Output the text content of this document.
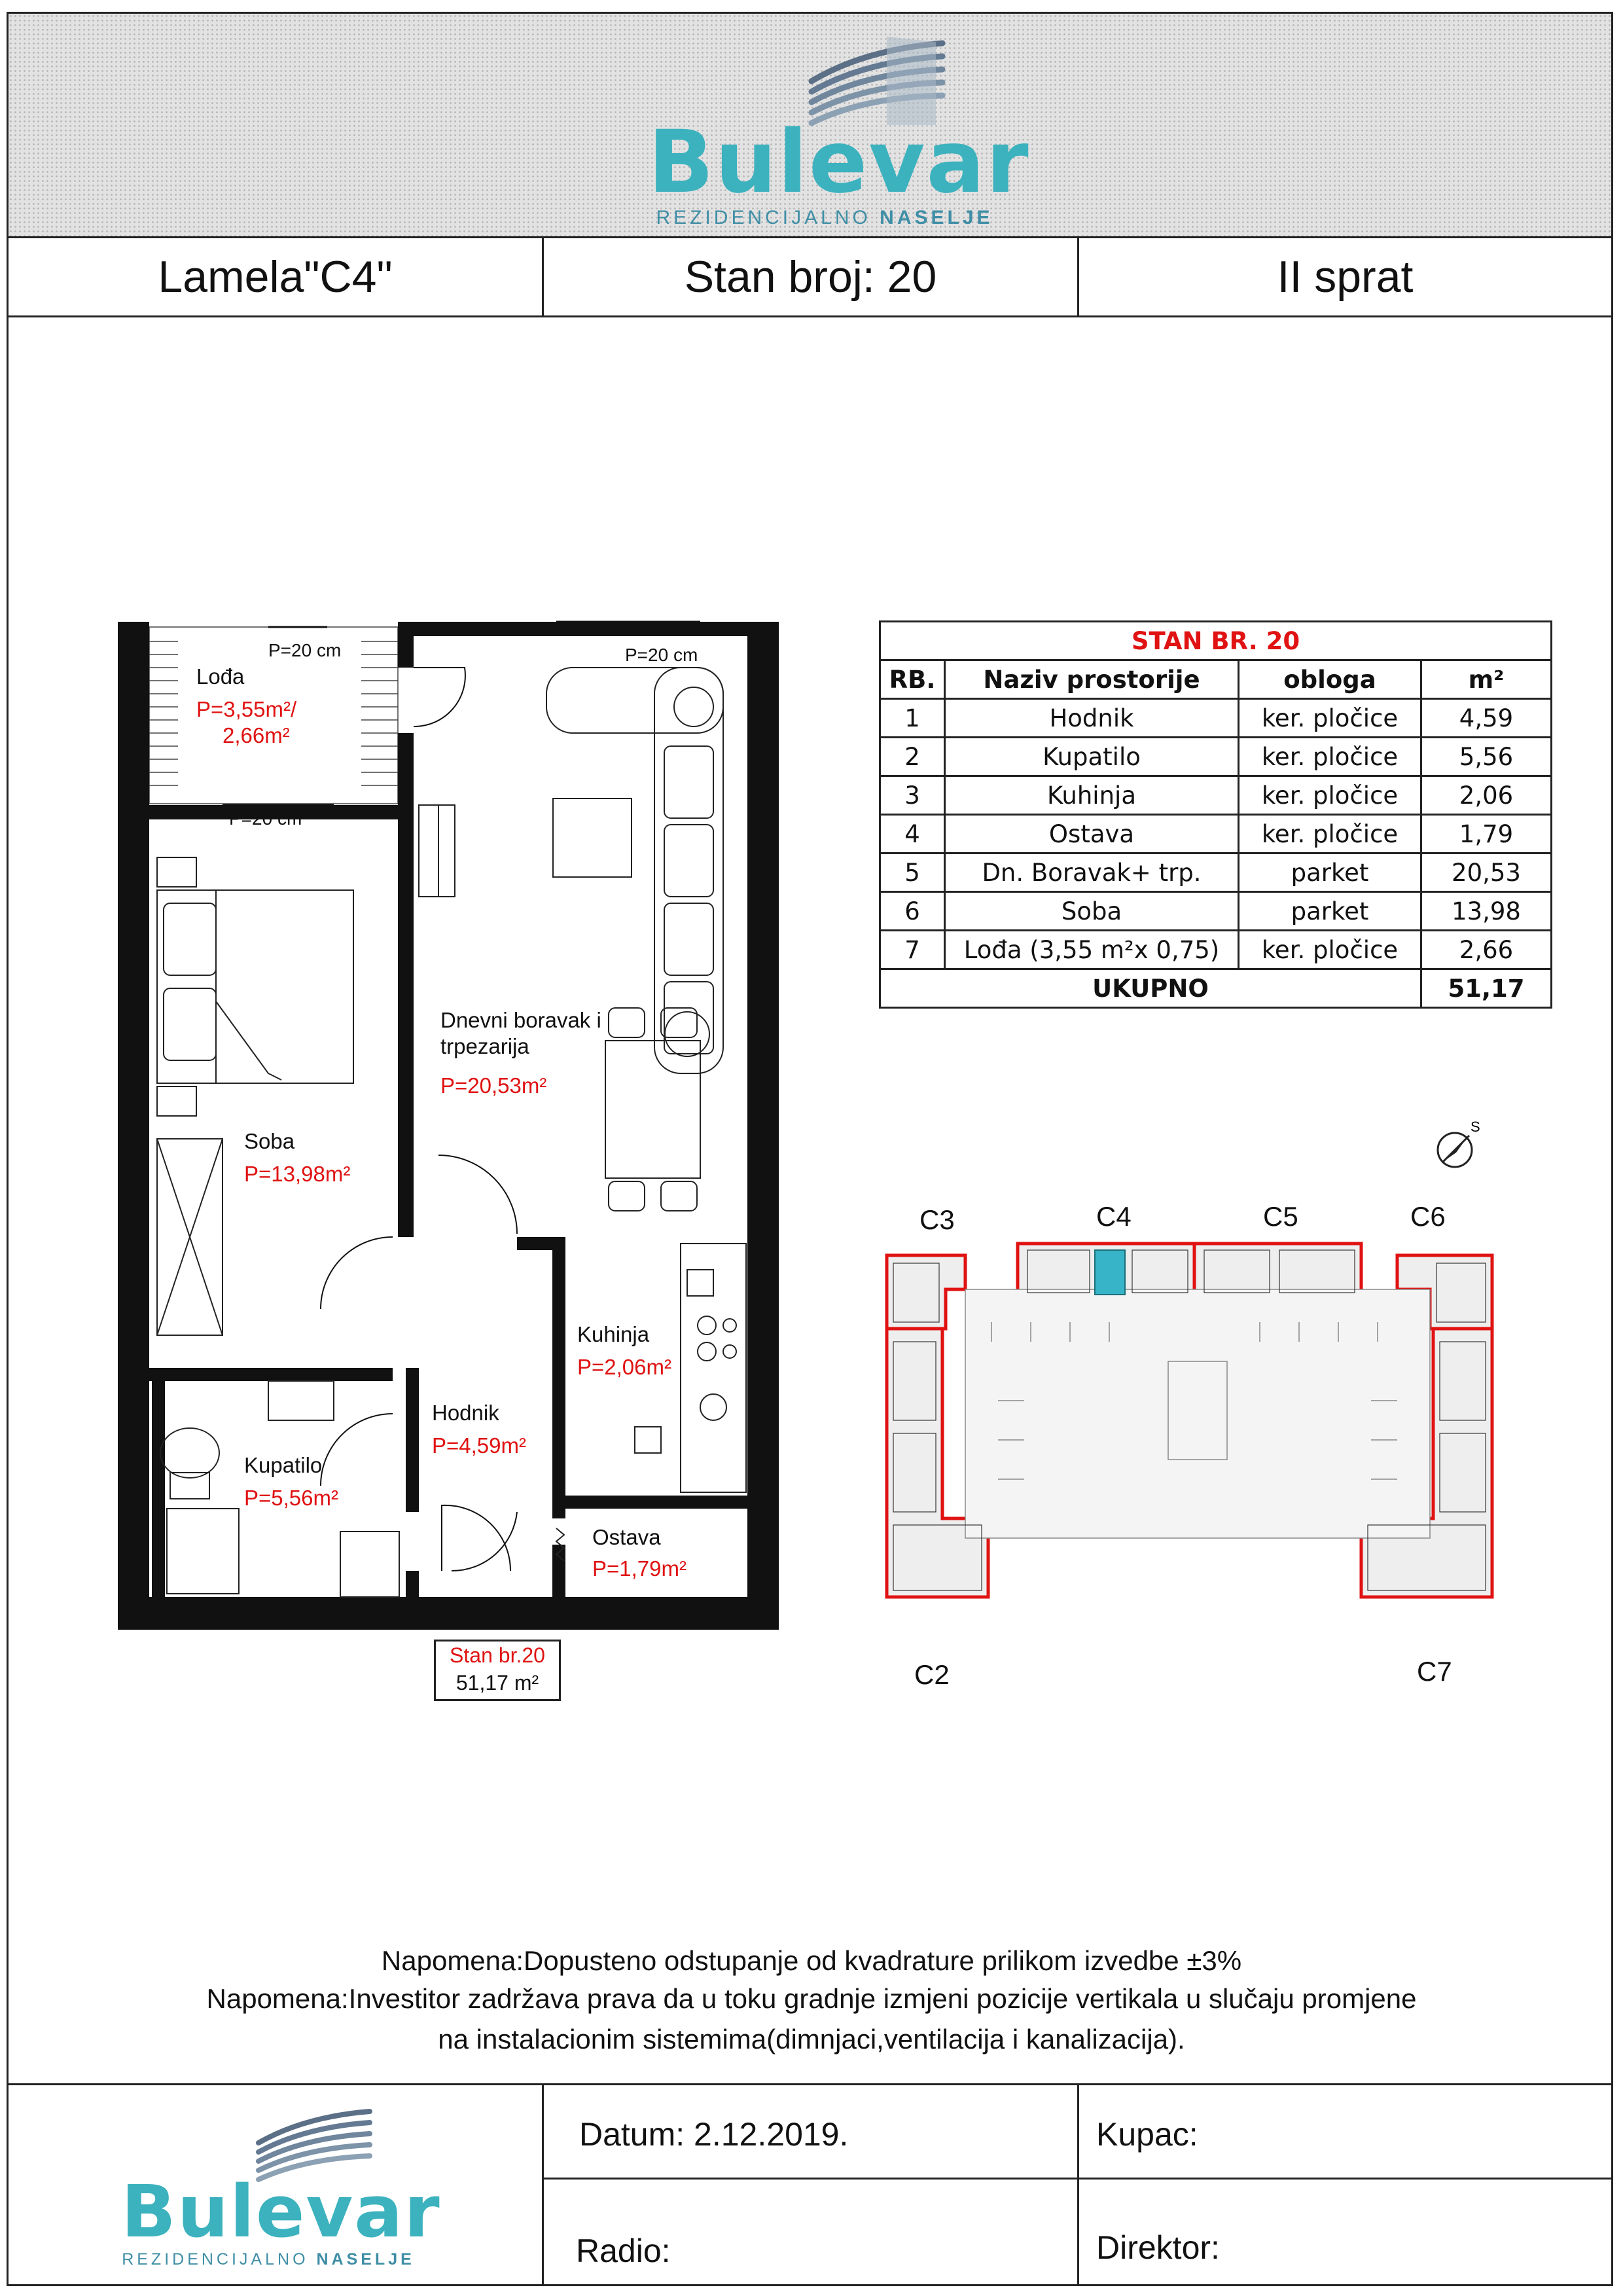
Bulevar
REZIDENCIJALNO NASELJE
Lamela"C4"	Stan broj: 20	II sprat
P=20 cm	P=20 cm
P=20 cm
Lođa
P=3,55m²/
2,66m²
Dnevni boravak i
trpezarija
P=20,53m²
Soba
P=13,98m²
Kuhinja
P=2,06m²
Hodnik
P=4,59m²
Kupatilo
P=5,56m²
Ostava
P=1,79m²
Stan br.20
51,17 m²
STAN BR. 20			
RB.	Naziv prostorije	obloga	m²
1	Hodnik	ker. pločice	4,59
2	Kupatilo	ker. pločice	5,56
3	Kuhinja	ker. pločice	2,06
4	Ostava	ker. pločice	1,79
5	Dn. Boravak+ trp.	parket	20,53
6	Soba	parket	13,98
7	Lođa (3,55 m²x 0,75)	ker. pločice	2,66
UKUPNO			51,17
S
C3	C4	C5	C6
C2	C7
Napomena:Dopusteno odstupanje od kvadrature prilikom izvedbe ±3%
Napomena:Investitor zadržava prava da u toku gradnje izmjeni pozicije vertikala u slučaju promjene
na instalacionim sistemima(dimnjaci,ventilacija i kanalizacija).
Bulevar
REZIDENCIJALNO NASELJE
Datum: 2.12.2019.	Kupac:
Radio:	Direktor:
